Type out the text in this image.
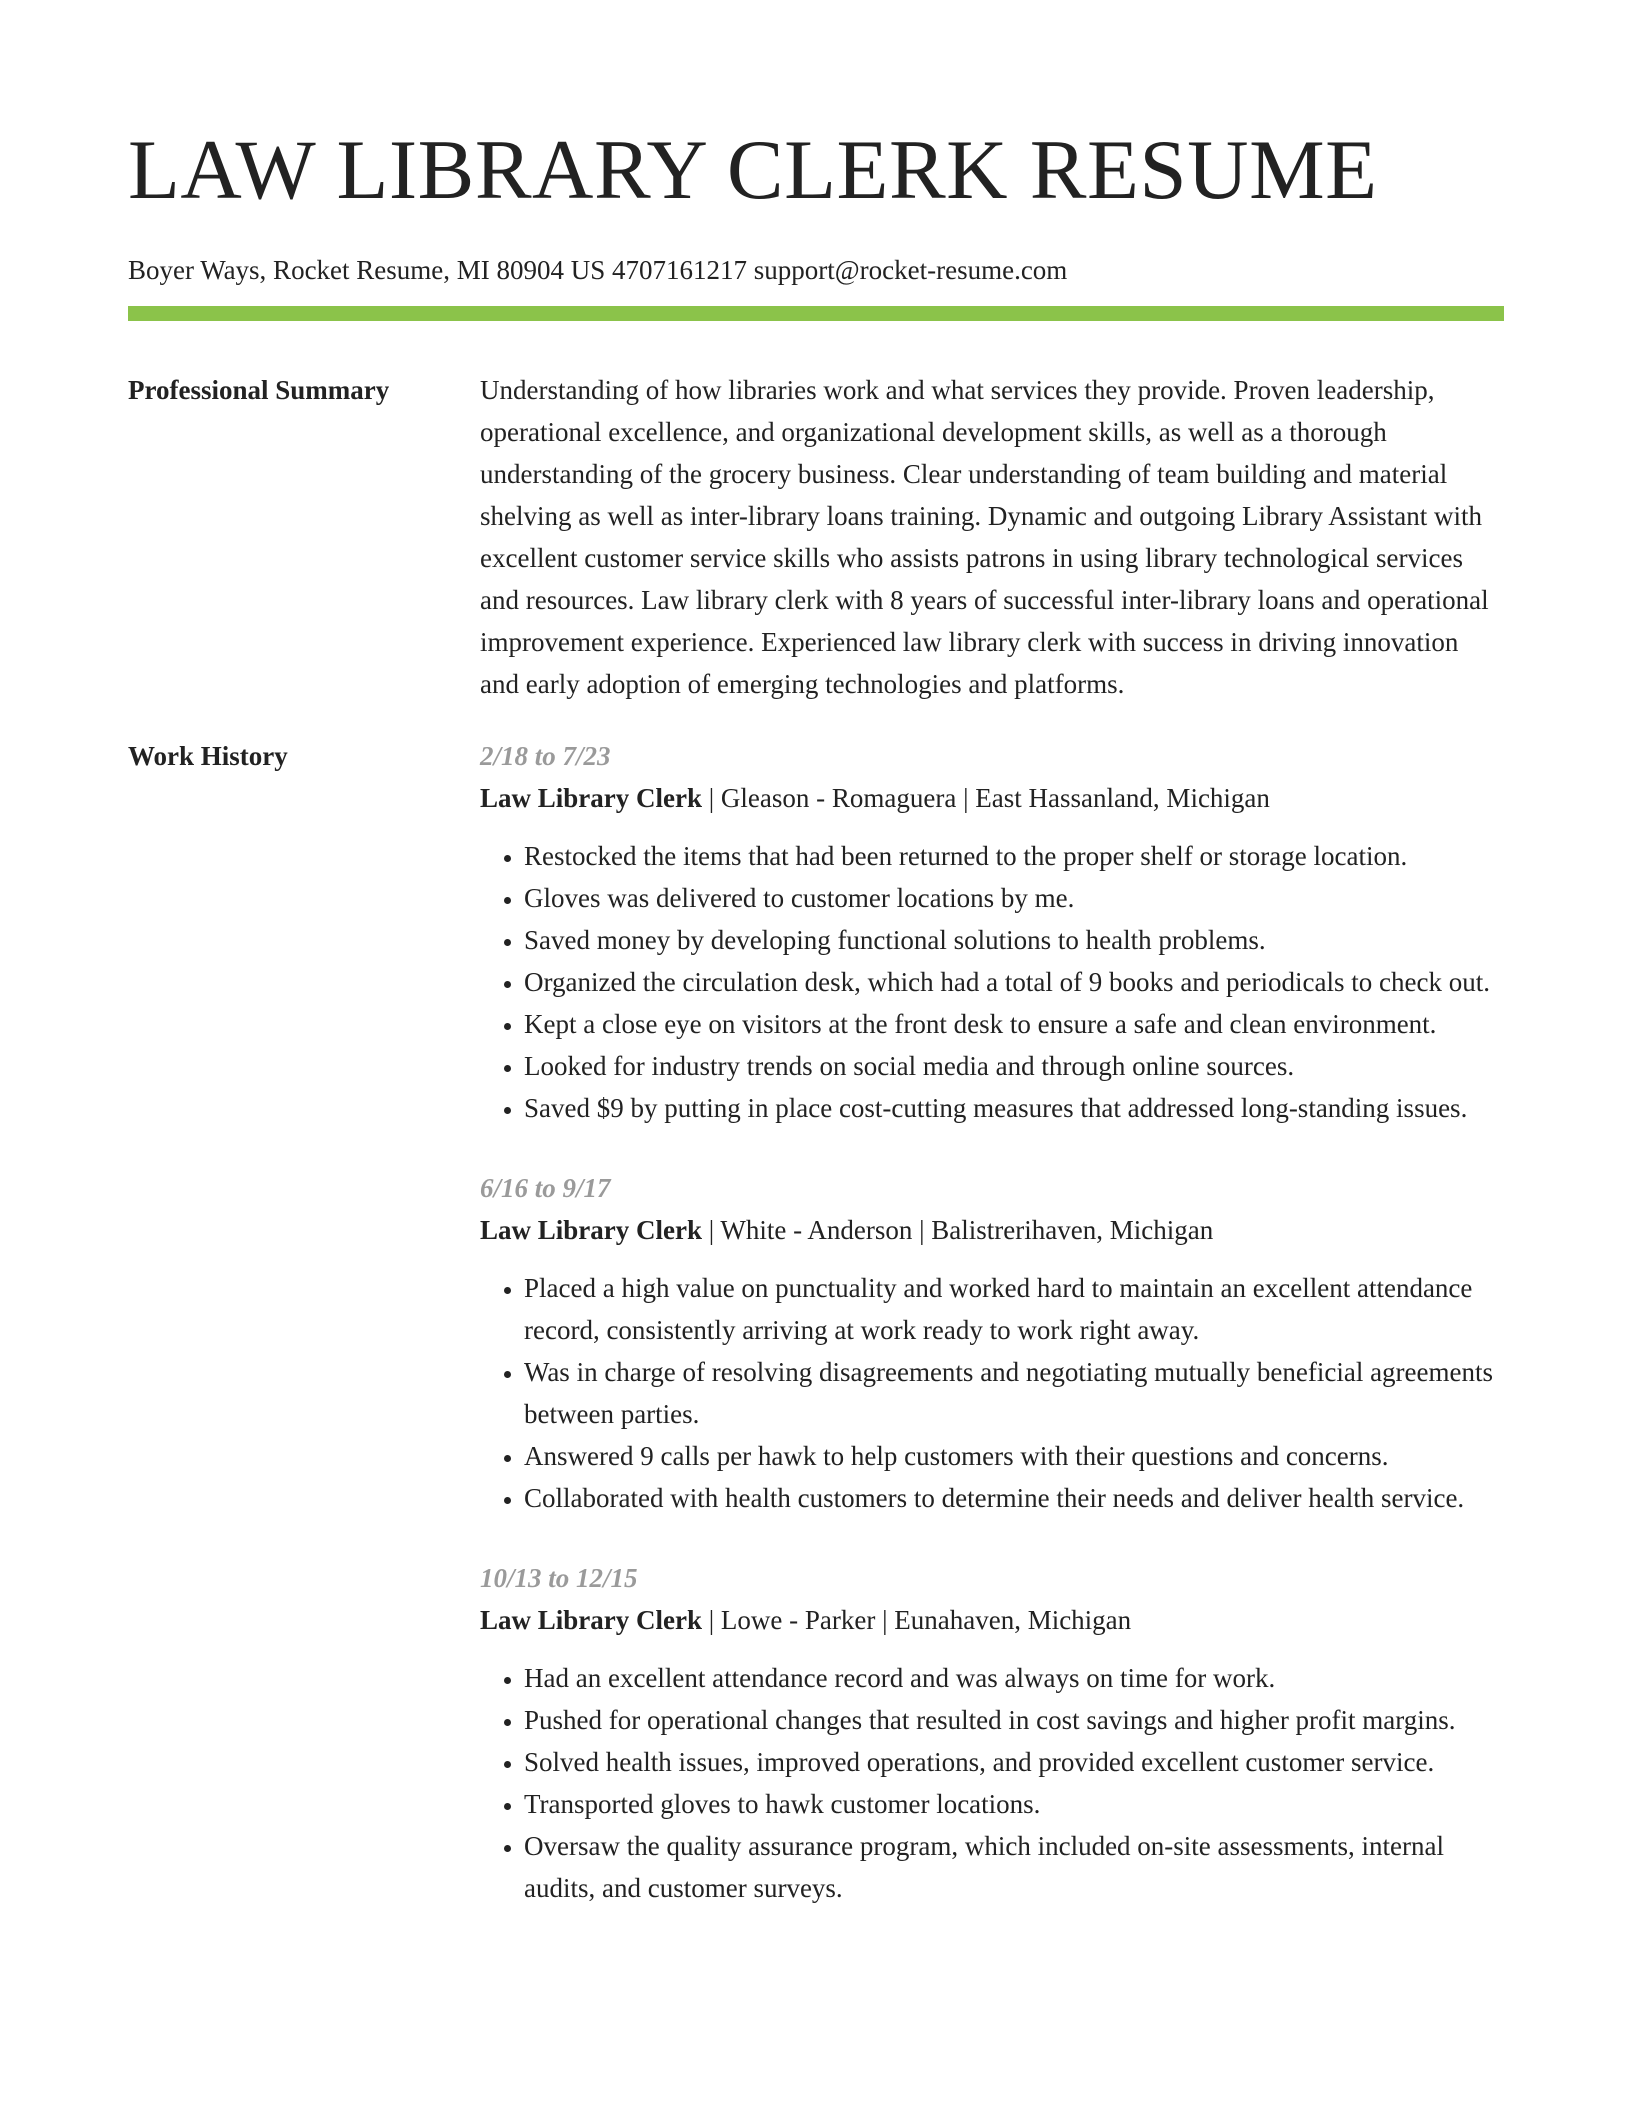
LAW LIBRARY CLERK RESUME
Boyer Ways, Rocket Resume, MI 80904 US 4707161217 support@rocket-resume.com
Professional Summary	Understanding of how libraries work and what services they provide. Proven leadership, operational excellence, and organizational development skills, as well as a thorough understanding of the grocery business. Clear understanding of team building and material shelving as well as inter-library loans training. Dynamic and outgoing Library Assistant with excellent customer service skills who assists patrons in using library technological services and resources. Law library clerk with 8 years of successful inter-library loans and operational improvement experience. Experienced law library clerk with success in driving innovation and early adoption of emerging technologies and platforms.

Work History	2/18 to 7/23
Law Library Clerk | Gleason - Romaguera | East Hassanland, Michigan
• Restocked the items that had been returned to the proper shelf or storage location.
• Gloves was delivered to customer locations by me.
• Saved money by developing functional solutions to health problems.
• Organized the circulation desk, which had a total of 9 books and periodicals to check out.
• Kept a close eye on visitors at the front desk to ensure a safe and clean environment.
• Looked for industry trends on social media and through online sources.
• Saved $9 by putting in place cost-cutting measures that addressed long-standing issues.
6/16 to 9/17
Law Library Clerk | White - Anderson | Balistrerihaven, Michigan
• Placed a high value on punctuality and worked hard to maintain an excellent attendance record, consistently arriving at work ready to work right away.
• Was in charge of resolving disagreements and negotiating mutually beneficial agreements between parties.
• Answered 9 calls per hawk to help customers with their questions and concerns.
• Collaborated with health customers to determine their needs and deliver health service.
10/13 to 12/15
Law Library Clerk | Lowe - Parker | Eunahaven, Michigan
• Had an excellent attendance record and was always on time for work.
• Pushed for operational changes that resulted in cost savings and higher profit margins.
• Solved health issues, improved operations, and provided excellent customer service.
• Transported gloves to hawk customer locations.
• Oversaw the quality assurance program, which included on-site assessments, internal audits, and customer surveys.
